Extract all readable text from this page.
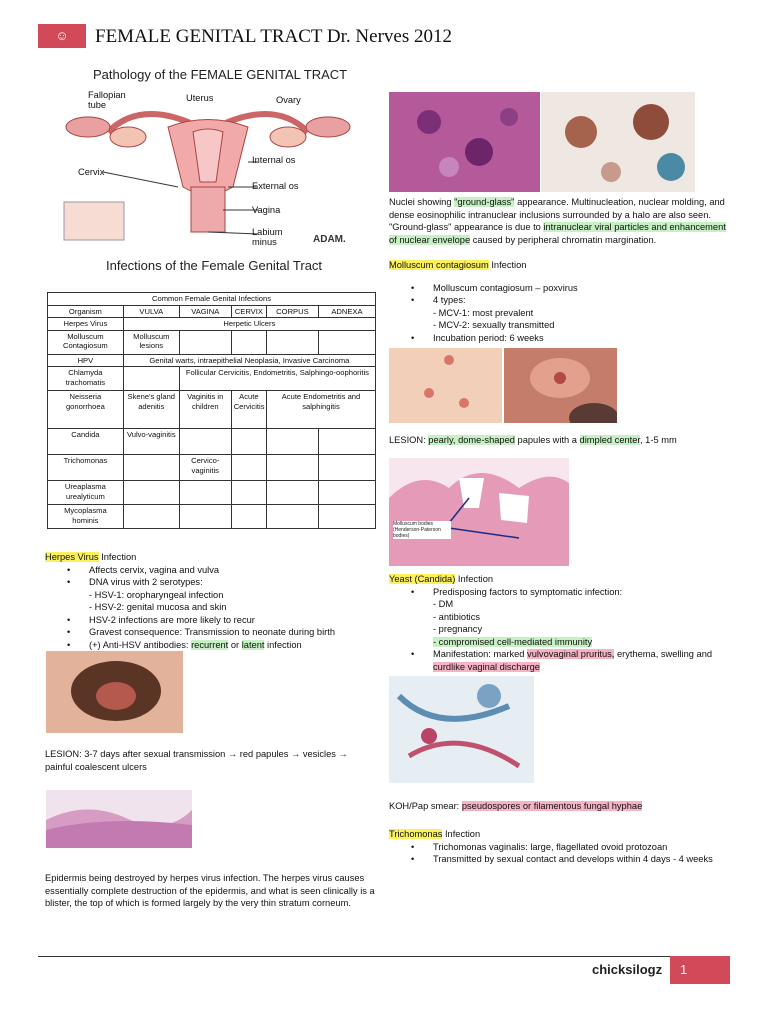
☺	FEMALE GENITAL TRACT Dr. Nerves 2012
Pathology of the FEMALE GENITAL TRACT
Fallopian tube
Uterus	Ovary
Cervix
Internal os
External os
Vagina
Labium minus	ADAM.
Infections of the Female Genital Tract
Common Female Genital Infections					
Organism	VULVA	VAGINA	CERVIX	CORPUS	ADNEXA
Herpes Virus	Herpetic Ulcers				
Molluscum Contagiosum	Molluscum lesions				
HPV	Genital warts, intraepithelial Neoplasia, Invasive Carcinoma				
Chlamyda trachomatis		Follicular Cervicitis, Endometritis, Salphingo-oophoritis			
Neisseria gonorrhoea	Skene's gland adenitis	Vaginitis in children	Acute Cervicitis	Acute Endometritis and salphingitis	
Candida	Vulvo-vaginitis				
Trichomonas		Cervico-vaginitis			
Ureaplasma urealyticum					
Mycoplasma hominis					
Herpes Virus Infection
• Affects cervix, vagina and vulva
• DNA virus with 2 serotypes:
- HSV-1: oropharyngeal infection
- HSV-2: genital mucosa and skin
• HSV-2 infections are more likely to recur
• Gravest consequence: Transmission to neonate during birth
• (+) Anti-HSV antibodies: recurrent or latent infection
LESION: 3-7 days after sexual transmission → red papules → vesicles → painful coalescent ulcers
Epidermis being destroyed by herpes virus infection. The herpes virus causes essentially complete destruction of the epidermis, and what is seen clinically is a blister, the top of which is formed largely by the very thin stratum corneum.
Nuclei showing "ground-glass" appearance. Multinucleation, nuclear molding, and dense eosinophilic intranuclear inclusions surrounded by a halo are also seen. "Ground-glass" appearance is due to intranuclear viral particles and enhancement of nuclear envelope caused by peripheral chromatin margination.
Molluscum contagiosum Infection
• Molluscum contagiosum – poxvirus
• 4 types:
- MCV-1: most prevalent
- MCV-2: sexually transmitted
• Incubation period: 6 weeks
LESION: pearly, dome-shaped papules with a dimpled center, 1-5 mm
Molluscum bodies (Henderson-Paterson bodies)
Yeast (Candida) Infection
• Predisposing factors to symptomatic infection:
- DM
- antibiotics
- pregnancy
- compromised cell-mediated immunity
• Manifestation: marked vulvovaginal pruritus, erythema, swelling and curdlike vaginal discharge
KOH/Pap smear: pseudospores or filamentous fungal hyphae
Trichomonas Infection
• Trichomonas vaginalis: large, flagellated ovoid protozoan
• Transmitted by sexual contact and develops within 4 days - 4 weeks
chicksilogz	1
